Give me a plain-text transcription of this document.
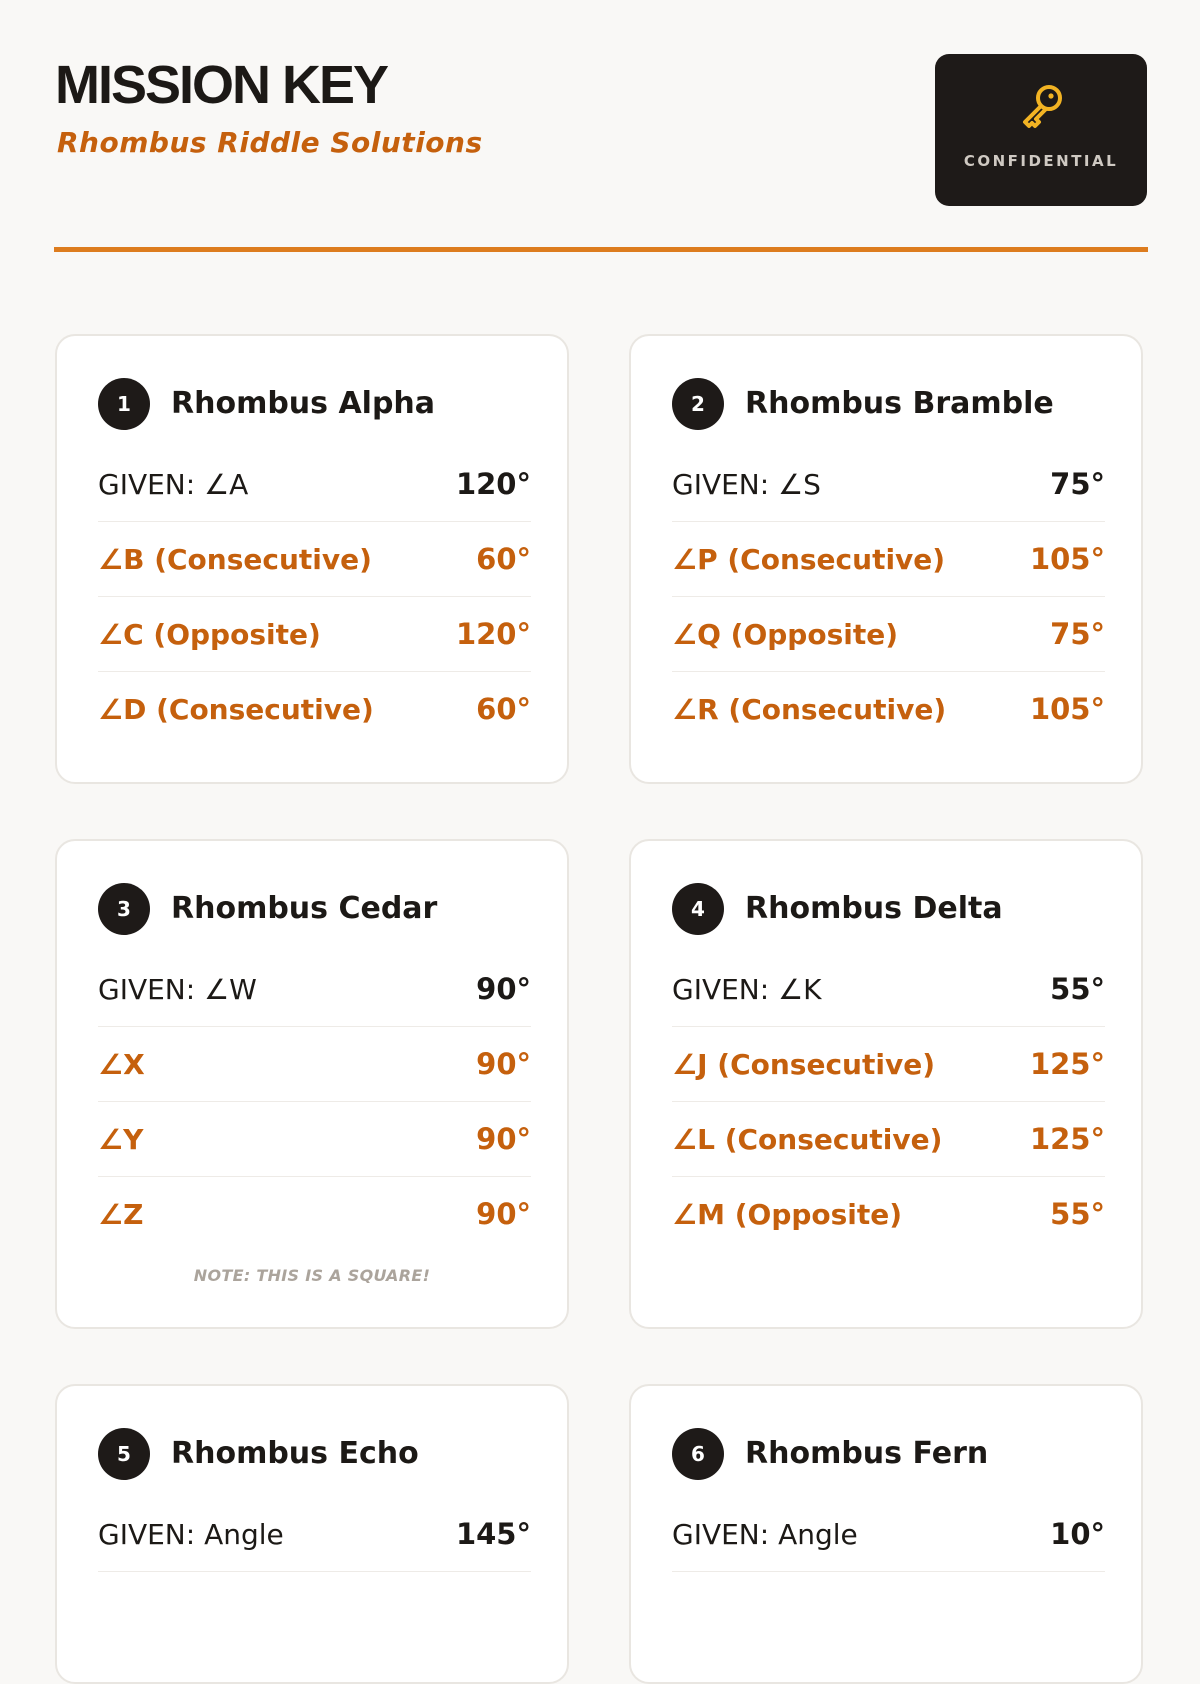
MISSION KEY
Rhombus Riddle Solutions
CONFIDENTIAL
1	Rhombus Alpha
GIVEN: ∠A	120°
∠B (Consecutive)	60°
∠C (Opposite)	120°
∠D (Consecutive)	60°
2	Rhombus Bramble
GIVEN: ∠S	75°
∠P (Consecutive)	105°
∠Q (Opposite)	75°
∠R (Consecutive)	105°
3	Rhombus Cedar
GIVEN: ∠W	90°
∠X	90°
∠Y	90°
∠Z	90°
NOTE: THIS IS A SQUARE!
4	Rhombus Delta
GIVEN: ∠K	55°
∠J (Consecutive)	125°
∠L (Consecutive)	125°
∠M (Opposite)	55°
5	Rhombus Echo
GIVEN: Angle	145°
6	Rhombus Fern
GIVEN: Angle	10°
